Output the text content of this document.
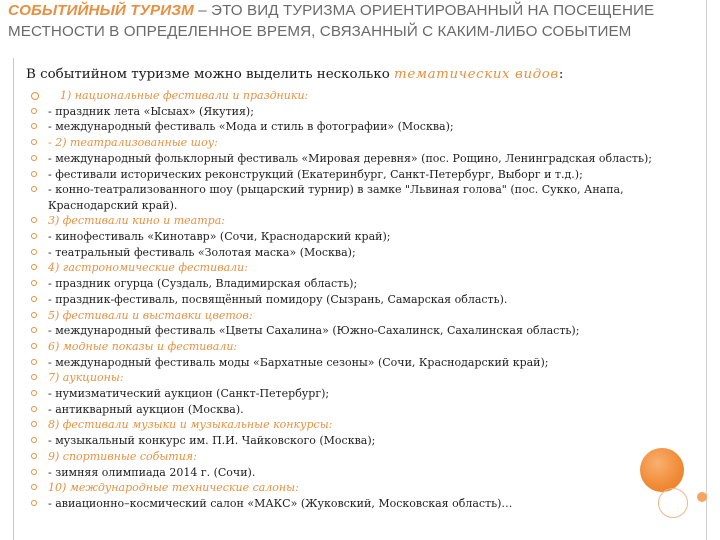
СОБЫТИЙНЫЙ ТУРИЗМ – ЭТО ВИД ТУРИЗМА ОРИЕНТИРОВАННЫЙ НА ПОСЕЩЕНИЕ МЕСТНОСТИ В ОПРЕДЕЛЕННОЕ ВРЕМЯ, СВЯЗАННЫЙ С КАКИМ-ЛИБО СОБЫТИЕМ
В событийном туризме можно выделить несколько тематических видов:
1) национальные фестивали и праздники:
- праздник лета «Ысыах» (Якутия);
- международный фестиваль «Мода и стиль в фотографии» (Москва);
- 2) театрализованные шоу:
- международный фольклорный фестиваль «Мировая деревня» (пос. Рощино, Ленинградская область);
- фестивали исторических реконструкций (Екатеринбург, Санкт-Петербург, Выборг и т.д.);
- конно-театрализованного шоу (рыцарский турнир) в замке "Львиная голова" (пос. Сукко, Анапа, Краснодарский край).
3) фестивали кино и театра:
- кинофестиваль «Кинотавр» (Сочи, Краснодарский край);
- театральный фестиваль «Золотая маска» (Москва);
4) гастрономические фестивали:
- праздник огурца (Суздаль, Владимирская область);
- праздник-фестиваль, посвящённый помидору (Сызрань, Самарская область).
5) фестивали и выставки цветов:
- международный фестиваль «Цветы Сахалина» (Южно-Сахалинск, Сахалинская область);
6) модные показы и фестивали:
- международный фестиваль моды «Бархатные сезоны» (Сочи, Краснодарский край);
7) аукционы:
- нумизматический аукцион (Санкт-Петербург);
- антикварный аукцион (Москва).
8) фестивали музыки и музыкальные конкурсы:
- музыкальный конкурс им. П.И. Чайковского (Москва);
9) спортивные события:
- зимняя олимпиада 2014 г. (Сочи).
10) международные технические салоны:
- авиационно–космический салон «МАКС» (Жуковский, Московская область)…
